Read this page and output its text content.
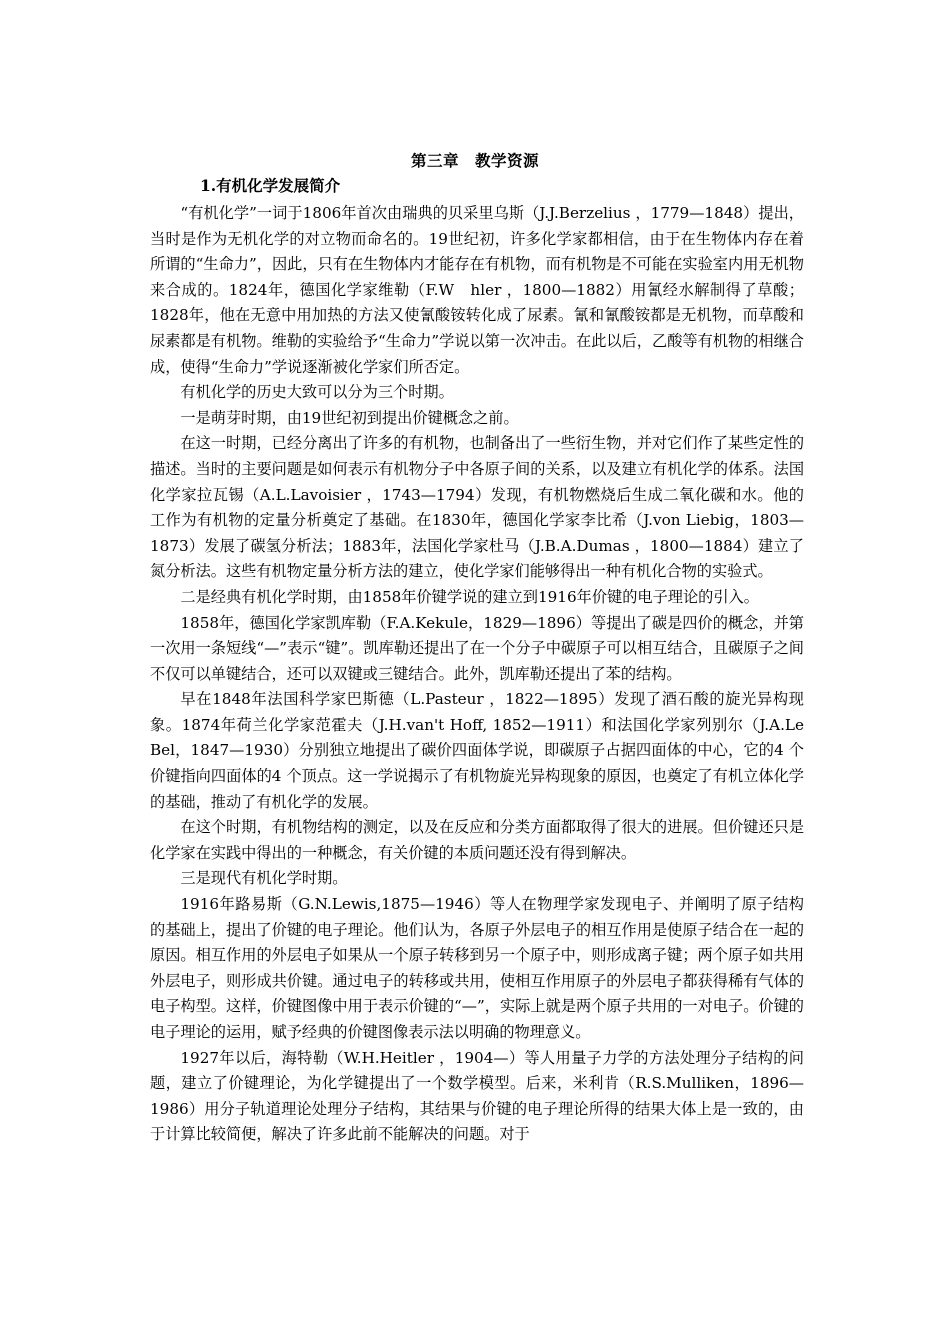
第三章　教学资源
1.有机化学发展简介

“有机化学”一词于1806年首次由瑞典的贝采里乌斯（J.J.Berzelius ，1779—1848）提出，当时是作为无机化学的对立物而命名的。19世纪初，许多化学家都相信，由于在生物体内存在着所谓的“生命力”，因此，只有在生物体内才能存在有机物，而有机物是不可能在实验室内用无机物来合成的。1824年，德国化学家维勒（F.W　hler ，1800—1882）用氰经水解制得了草酸；1828年，他在无意中用加热的方法又使氰酸铵转化成了尿素。氰和氰酸铵都是无机物，而草酸和尿素都是有机物。维勒的实验给予“生命力”学说以第一次冲击。在此以后，乙酸等有机物的相继合成，使得“生命力”学说逐渐被化学家们所否定。

有机化学的历史大致可以分为三个时期。

一是萌芽时期，由19世纪初到提出价键概念之前。

在这一时期，已经分离出了许多的有机物，也制备出了一些衍生物，并对它们作了某些定性的描述。当时的主要问题是如何表示有机物分子中各原子间的关系，以及建立有机化学的体系。法国化学家拉瓦锡（A.L.Lavoisier ，1743—1794）发现，有机物燃烧后生成二氧化碳和水。他的工作为有机物的定量分析奠定了基础。在1830年，德国化学家李比希（J.von Liebig，1803—1873）发展了碳氢分析法；1883年，法国化学家杜马（J.B.A.Dumas ，1800—1884）建立了氮分析法。这些有机物定量分析方法的建立，使化学家们能够得出一种有机化合物的实验式。

二是经典有机化学时期，由1858年价键学说的建立到1916年价键的电子理论的引入。

1858年，德国化学家凯库勒（F.A.Kekule，1829—1896）等提出了碳是四价的概念，并第一次用一条短线“—”表示“键”。凯库勒还提出了在一个分子中碳原子可以相互结合，且碳原子之间不仅可以单键结合，还可以双键或三键结合。此外，凯库勒还提出了苯的结构。

早在1848年法国科学家巴斯德（L.Pasteur ，1822—1895）发现了酒石酸的旋光异构现象。1874年荷兰化学家范霍夫（J.H.van't Hoff, 1852—1911）和法国化学家列别尔（J.A.Le Bel，1847—1930）分别独立地提出了碳价四面体学说，即碳原子占据四面体的中心，它的4 个价键指向四面体的4 个顶点。这一学说揭示了有机物旋光异构现象的原因，也奠定了有机立体化学的基础，推动了有机化学的发展。

在这个时期，有机物结构的测定，以及在反应和分类方面都取得了很大的进展。但价键还只是化学家在实践中得出的一种概念，有关价键的本质问题还没有得到解决。

三是现代有机化学时期。

1916年路易斯（G.N.Lewis,1875—1946）等人在物理学家发现电子、并阐明了原子结构的基础上，提出了价键的电子理论。他们认为，各原子外层电子的相互作用是使原子结合在一起的原因。相互作用的外层电子如果从一个原子转移到另一个原子中，则形成离子键；两个原子如共用外层电子，则形成共价键。通过电子的转移或共用，使相互作用原子的外层电子都获得稀有气体的电子构型。这样，价键图像中用于表示价键的“—”，实际上就是两个原子共用的一对电子。价键的电子理论的运用，赋予经典的价键图像表示法以明确的物理意义。

1927年以后，海特勒（W.H.Heitler ，1904—）等人用量子力学的方法处理分子结构的问题，建立了价键理论，为化学键提出了一个数学模型。后来，米利肯（R.S.Mulliken，1896—1986）用分子轨道理论处理分子结构，其结果与价键的电子理论所得的结果大体上是一致的，由于计算比较简便，解决了许多此前不能解决的问题。对于
